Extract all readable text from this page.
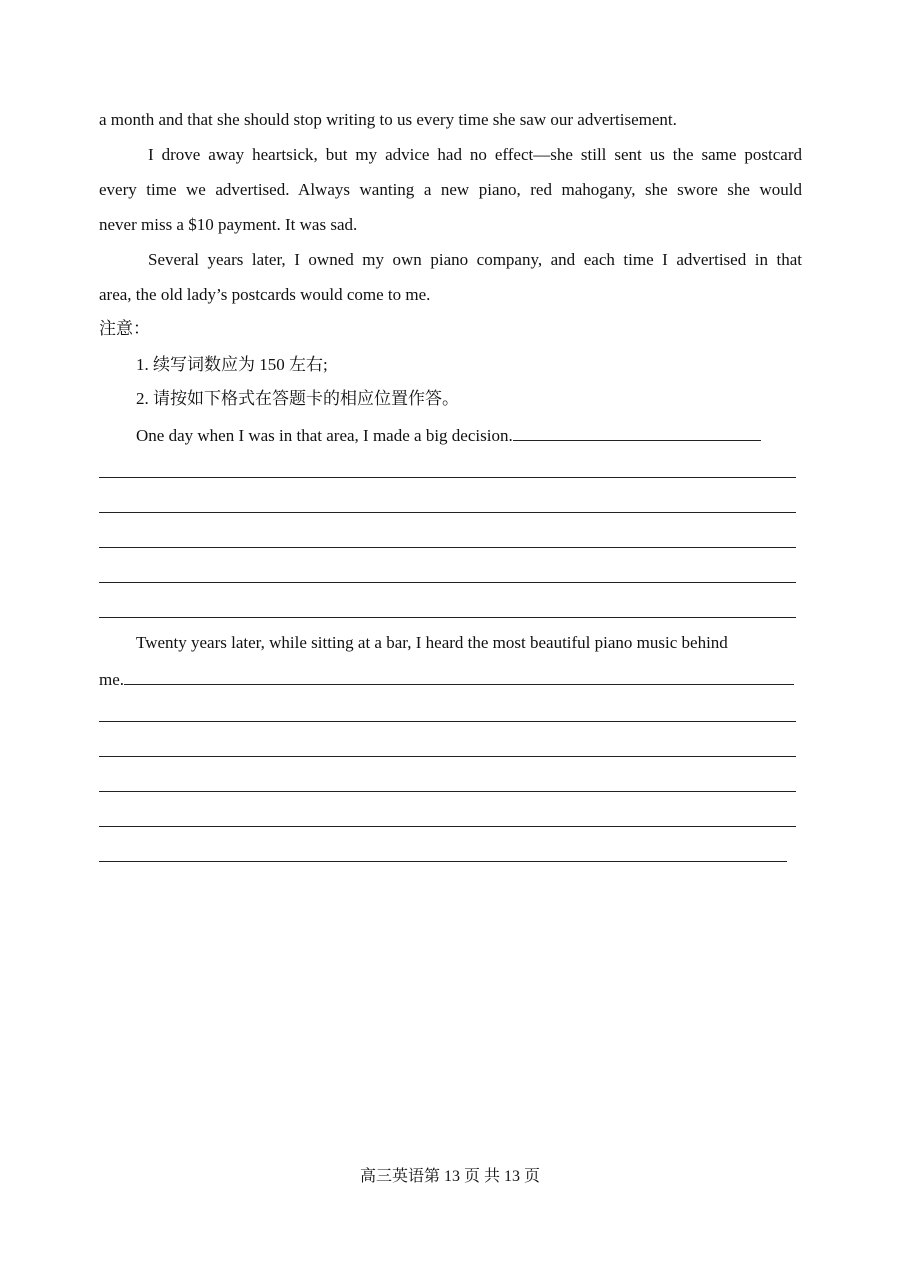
a month and that she should stop writing to us every time she saw our advertisement.
I drove away heartsick, but my advice had no effect—she still sent us the same postcard
every time we advertised. Always wanting a new piano, red mahogany, she swore she would
never miss a $10 payment. It was sad.
Several years later, I owned my own piano company, and each time I advertised in that
area, the old lady’s postcards would come to me.
注意：
1. 续写词数应为 150 左右;
2. 请按如下格式在答题卡的相应位置作答。
One day when I was in that area, I made a big decision.
Twenty years later, while sitting at a bar, I heard the most beautiful piano music behind
me.
高三英语第 13 页 共 13 页
